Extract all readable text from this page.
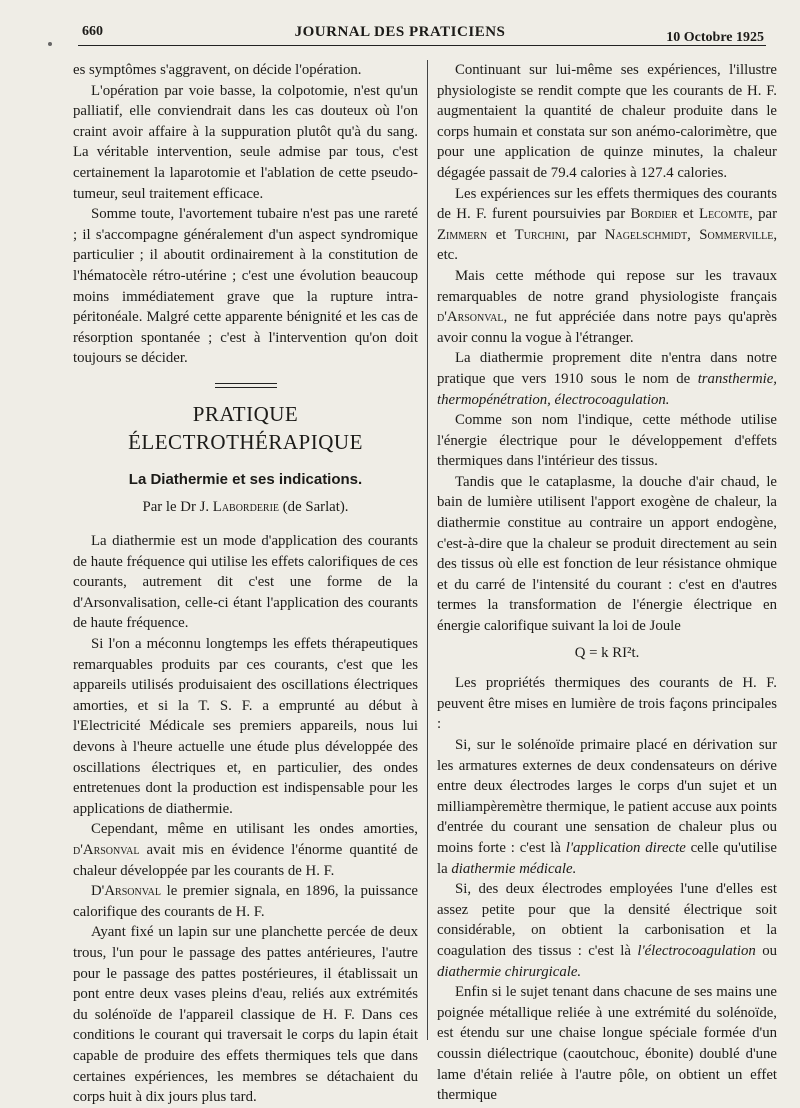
660	JOURNAL DES PRATICIENS	10 Octobre 1925

es symptômes s'aggravent, on décide l'opération.

L'opération par voie basse, la colpotomie, n'est qu'un palliatif, elle conviendrait dans les cas douteux où l'on craint avoir affaire à la suppuration plutôt qu'à du sang. La véritable intervention, seule admise par tous, c'est certainement la laparotomie et l'ablation de cette pseudo-tumeur, seul traitement efficace.

Somme toute, l'avortement tubaire n'est pas une rareté ; il s'accompagne généralement d'un aspect syndromique particulier ; il aboutit ordinairement à la constitution de l'hématocèle rétro-utérine ; c'est une évolution beaucoup moins immédiatement grave que la rupture intra-péritonéale. Malgré cette apparente bénignité et les cas de résorption spontanée ; c'est à l'intervention qu'on doit toujours se décider.

PRATIQUE ÉLECTROTHÉRAPIQUE
La Diathermie et ses indications.

Par le Dr J. Laborderie (de Sarlat).

La diathermie est un mode d'application des courants de haute fréquence qui utilise les effets calorifiques de ces courants, autrement dit c'est une forme de la d'Arsonvalisation, celle-ci étant l'application des courants de haute fréquence.

Si l'on a méconnu longtemps les effets thérapeutiques remarquables produits par ces courants, c'est que les appareils utilisés produisaient des oscillations électriques amorties, et si la T. S. F. a emprunté au début à l'Electricité Médicale ses premiers appareils, nous lui devons à l'heure actuelle une étude plus développée des oscillations électriques et, en particulier, des ondes entretenues dont la production est indispensable pour les applications de diathermie.

Cependant, même en utilisant les ondes amorties, d'Arsonval avait mis en évidence l'énorme quantité de chaleur développée par les courants de H. F.

D'Arsonval le premier signala, en 1896, la puissance calorifique des courants de H. F.

Ayant fixé un lapin sur une planchette percée de deux trous, l'un pour le passage des pattes antérieures, l'autre pour le passage des pattes postérieures, il établissait un pont entre deux vases pleins d'eau, reliés aux extrémités du solénoïde de l'appareil classique de H. F. Dans ces conditions le courant qui traversait le corps du lapin était capable de produire des effets thermiques tels que dans certaines expériences, les membres se détachaient du corps huit à dix jours plus tard.

Continuant sur lui-même ses expériences, l'illustre physiologiste se rendit compte que les courants de H. F. augmentaient la quantité de chaleur produite dans le corps humain et constata sur son anémo-calorimètre, que pour une application de quinze minutes, la chaleur dégagée passait de 79.4 calories à 127.4 calories.

Les expériences sur les effets thermiques des courants de H. F. furent poursuivies par Bordier et Lecomte, par Zimmern et Turchini, par Nagelschmidt, Sommerville, etc.

Mais cette méthode qui repose sur les travaux remarquables de notre grand physiologiste français d'Arsonval, ne fut appréciée dans notre pays qu'après avoir connu la vogue à l'étranger.

La diathermie proprement dite n'entra dans notre pratique que vers 1910 sous le nom de transthermie, thermopénétration, électrocoagulation.

Comme son nom l'indique, cette méthode utilise l'énergie électrique pour le développement d'effets thermiques dans l'intérieur des tissus.

Tandis que le cataplasme, la douche d'air chaud, le bain de lumière utilisent l'apport exogène de chaleur, la diathermie constitue au contraire un apport endogène, c'est-à-dire que la chaleur se produit directement au sein des tissus où elle est fonction de leur résistance ohmique et du carré de l'intensité du courant : c'est en d'autres termes la transformation de l'énergie électrique en énergie calorifique suivant la loi de Joule

Q = k RI²t.

Les propriétés thermiques des courants de H. F. peuvent être mises en lumière de trois façons principales :

Si, sur le solénoïde primaire placé en dérivation sur les armatures externes de deux condensateurs on dérive entre deux électrodes larges le corps d'un sujet et un milliampèremètre thermique, le patient accuse aux points d'entrée du courant une sensation de chaleur plus ou moins forte : c'est là l'application directe celle qu'utilise la diathermie médicale.

Si, des deux électrodes employées l'une d'elles est assez petite pour que la densité électrique soit considérable, on obtient la carbonisation et la coagulation des tissus : c'est là l'électrocoagulation ou diathermie chirurgicale.

Enfin si le sujet tenant dans chacune de ses mains une poignée métallique reliée à une extrémité du solénoïde, est étendu sur une chaise longue spéciale formée d'un coussin diélectrique (caoutchouc, ébonite) doublé d'une lame d'étain reliée à l'autre pôle, on obtient un effet thermique
